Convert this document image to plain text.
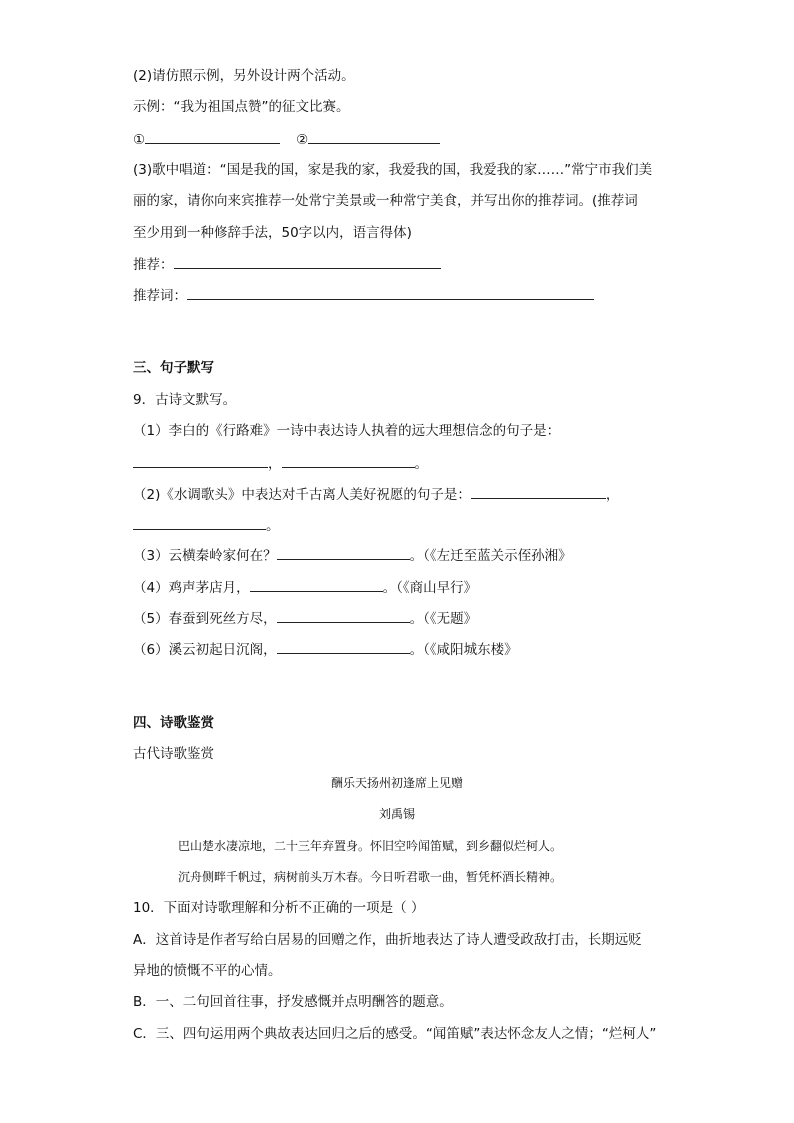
(2)请仿照示例，另外设计两个活动。
示例：“我为祖国点赞”的征文比赛。
①	②
(3)歌中唱道：“国是我的国，家是我的家，我爱我的国，我爱我的家……”常宁市我们美
丽的家，请你向来宾推荐一处常宁美景或一种常宁美食，并写出你的推荐词。(推荐词
至少用到一种修辞手法，50字以内，语言得体)
推荐：
推荐词：
三、句子默写
9．古诗文默写。
（1）李白的《行路难》一诗中表达诗人执着的远大理想信念的句子是：
，	。
（2)《水调歌头》中表达对千古离人美好祝愿的句子是：	，
。
（3）云横秦岭家何在？	。（《左迁至蓝关示侄孙湘》
（4）鸡声茅店月，	。（《商山早行》
（5）春蚕到死丝方尽，	。（《无题》
（6）溪云初起日沉阁，	。（《咸阳城东楼》
四、诗歌鉴赏
古代诗歌鉴赏
酬乐天扬州初逢席上见赠
刘禹锡
巴山楚水凄凉地，二十三年弃置身。怀旧空吟闻笛赋，到乡翻似烂柯人。
沉舟侧畔千帆过，病树前头万木春。今日听君歌一曲，暂凭杯酒长精神。
10．下面对诗歌理解和分析不正确的一项是（ ）
A．这首诗是作者写给白居易的回赠之作，曲折地表达了诗人遭受政敌打击，长期远贬
异地的愤慨不平的心情。
B．一、二句回首往事，抒发感慨并点明酬答的题意。
C．三、四句运用两个典故表达回归之后的感受。“闻笛赋”表达怀念友人之情；“烂柯人”
